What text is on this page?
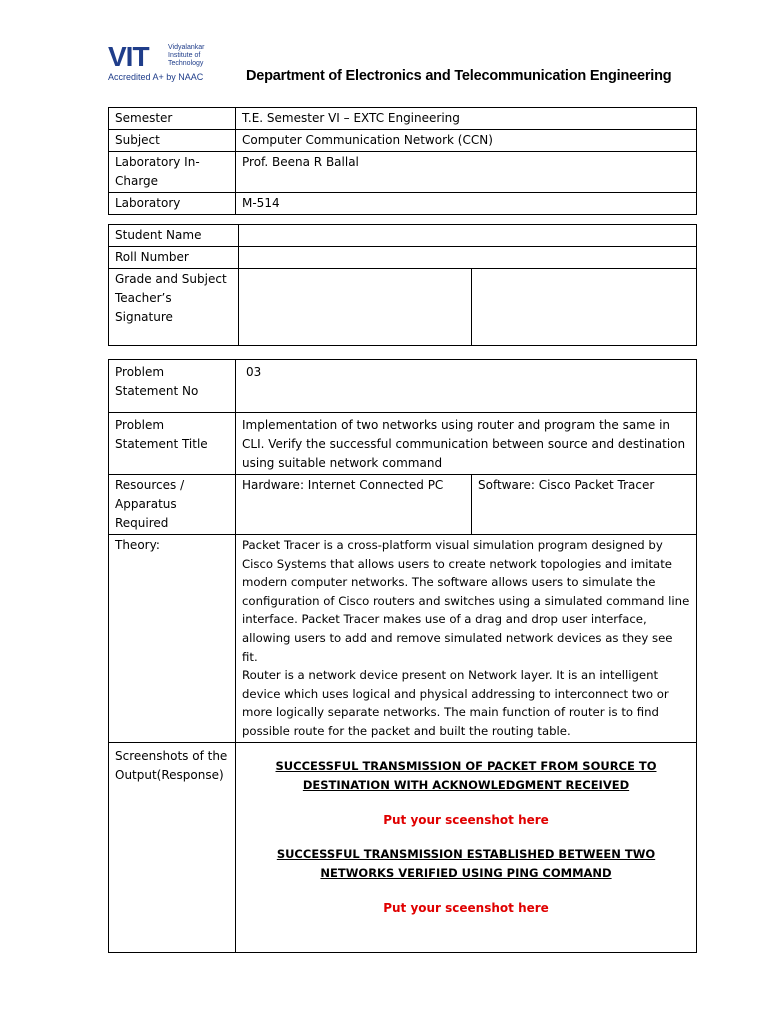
VIT	Vidyalankar
Institute of
Technology
Accredited A+ by NAAC	Department of Electronics and Telecommunication Engineering
Semester	T.E. Semester VI – EXTC Engineering
Subject	Computer Communication Network (CCN)
Laboratory In-Charge	Prof. Beena R Ballal
Laboratory	M-514
Student Name		
Roll Number		
Grade and Subject Teacher’s Signature		
Problem Statement No	03	
Problem Statement Title	Implementation of two networks using router and program the same in CLI. Verify the successful communication between source and destination using suitable network command	
Resources / Apparatus Required	Hardware: Internet Connected PC	Software: Cisco Packet Tracer
Theory:	Packet Tracer is a cross-platform visual simulation program designed by Cisco Systems that allows users to create network topologies and imitate modern computer networks. The software allows users to simulate the configuration of Cisco routers and switches using a simulated command line interface. Packet Tracer makes use of a drag and drop user interface, allowing users to add and remove simulated network devices as they see fit.
Router is a network device present on Network layer. It is an intelligent device which uses logical and physical addressing to interconnect two or more logically separate networks. The main function of router is to find possible route for the packet and built the routing table.	

Screenshots of the Output(Response)	SUCCESSFUL TRANSMISSION OF PACKET FROM SOURCE TO DESTINATION WITH ACKNOWLEDGMENT RECEIVED
Put your sceenshot here
SUCCESSFUL TRANSMISSION ESTABLISHED BETWEEN TWO NETWORKS VERIFIED USING PING COMMAND
Put your sceenshot here	
